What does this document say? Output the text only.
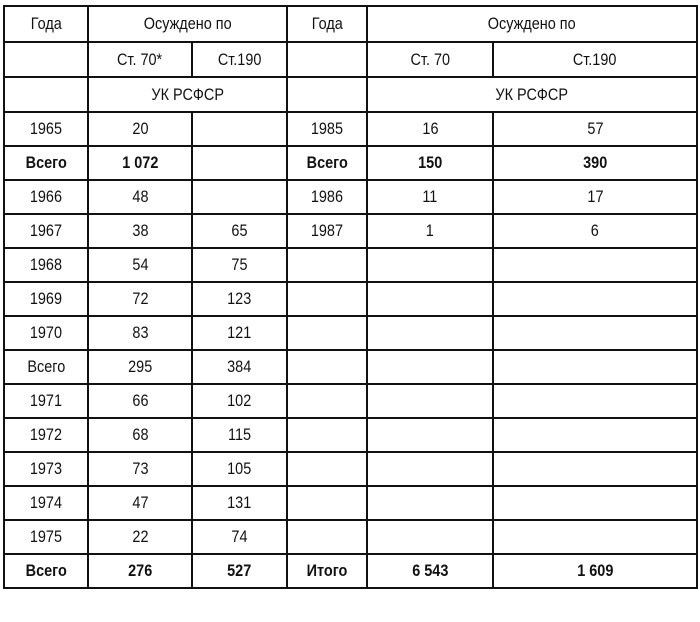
Года	Осуждено по		Года	Осуждено по	
	Ст. 70*	Ст.190		Ст. 70	Ст.190
	УК РСФСР			УК РСФСР	
1965	20		1985	16	57
Всего	1 072		Всего	150	390
1966	48		1986	11	17
1967	38	65	1987	1	6
1968	54	75			
1969	72	123			
1970	83	121			
Всего	295	384			
1971	66	102			
1972	68	115			
1973	73	105			
1974	47	131			
1975	22	74			
Всего	276	527	Итого	6 543	1 609
